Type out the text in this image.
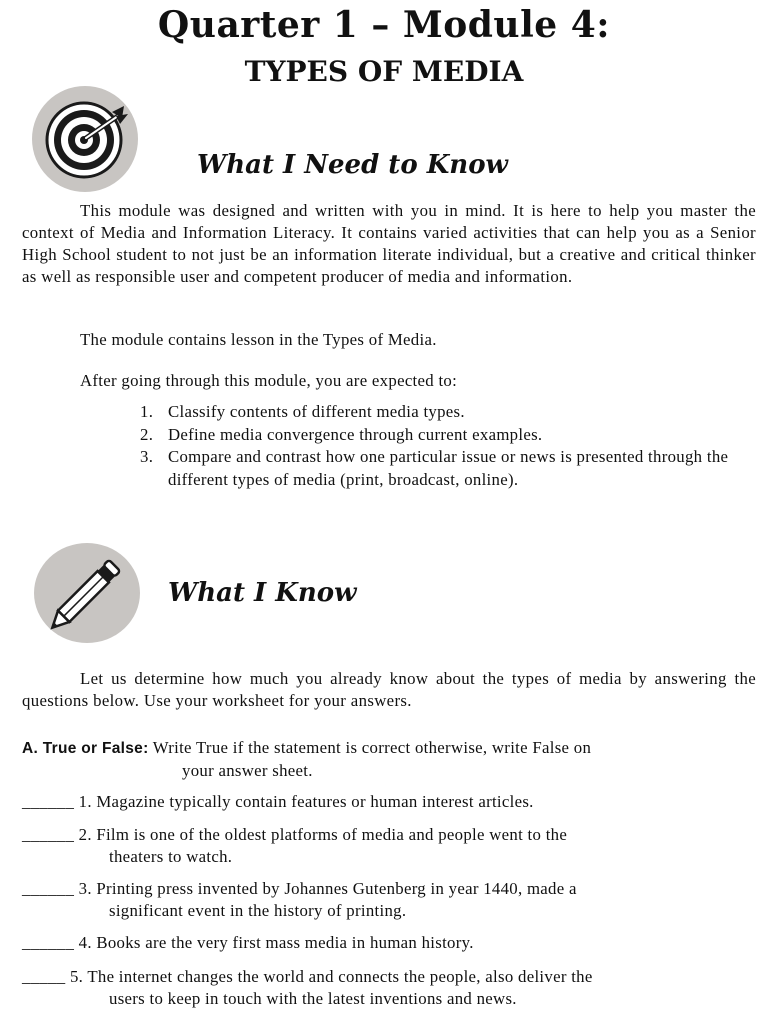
Quarter 1 – Module 4:
TYPES OF MEDIA
What I Need to Know
This module was designed and written with you in mind. It is here to help you master the context of Media and Information Literacy. It contains varied activities that can help you as a Senior High School student to not just be an information literate individual, but a creative and critical thinker as well as responsible user and competent producer of media and information.
The module contains lesson in the Types of Media.
After going through this module, you are expected to:
1. Classify contents of different media types.
2. Define media convergence through current examples.
3. Compare and contrast how one particular issue or news is presented through the different types of media (print, broadcast, online).
What I Know
Let us determine how much you already know about the types of media by answering the questions below. Use your worksheet for your answers.
A. True or False: Write True if the statement is correct otherwise, write False on
your answer sheet.
______ 1. Magazine typically contain features or human interest articles.
______ 2. Film is one of the oldest platforms of media and people went to the
theaters to watch.
______ 3. Printing press invented by Johannes Gutenberg in year 1440, made a
significant event in the history of printing.
______ 4. Books are the very first mass media in human history.
_____ 5. The internet changes the world and connects the people, also deliver the
users to keep in touch with the latest inventions and news.
